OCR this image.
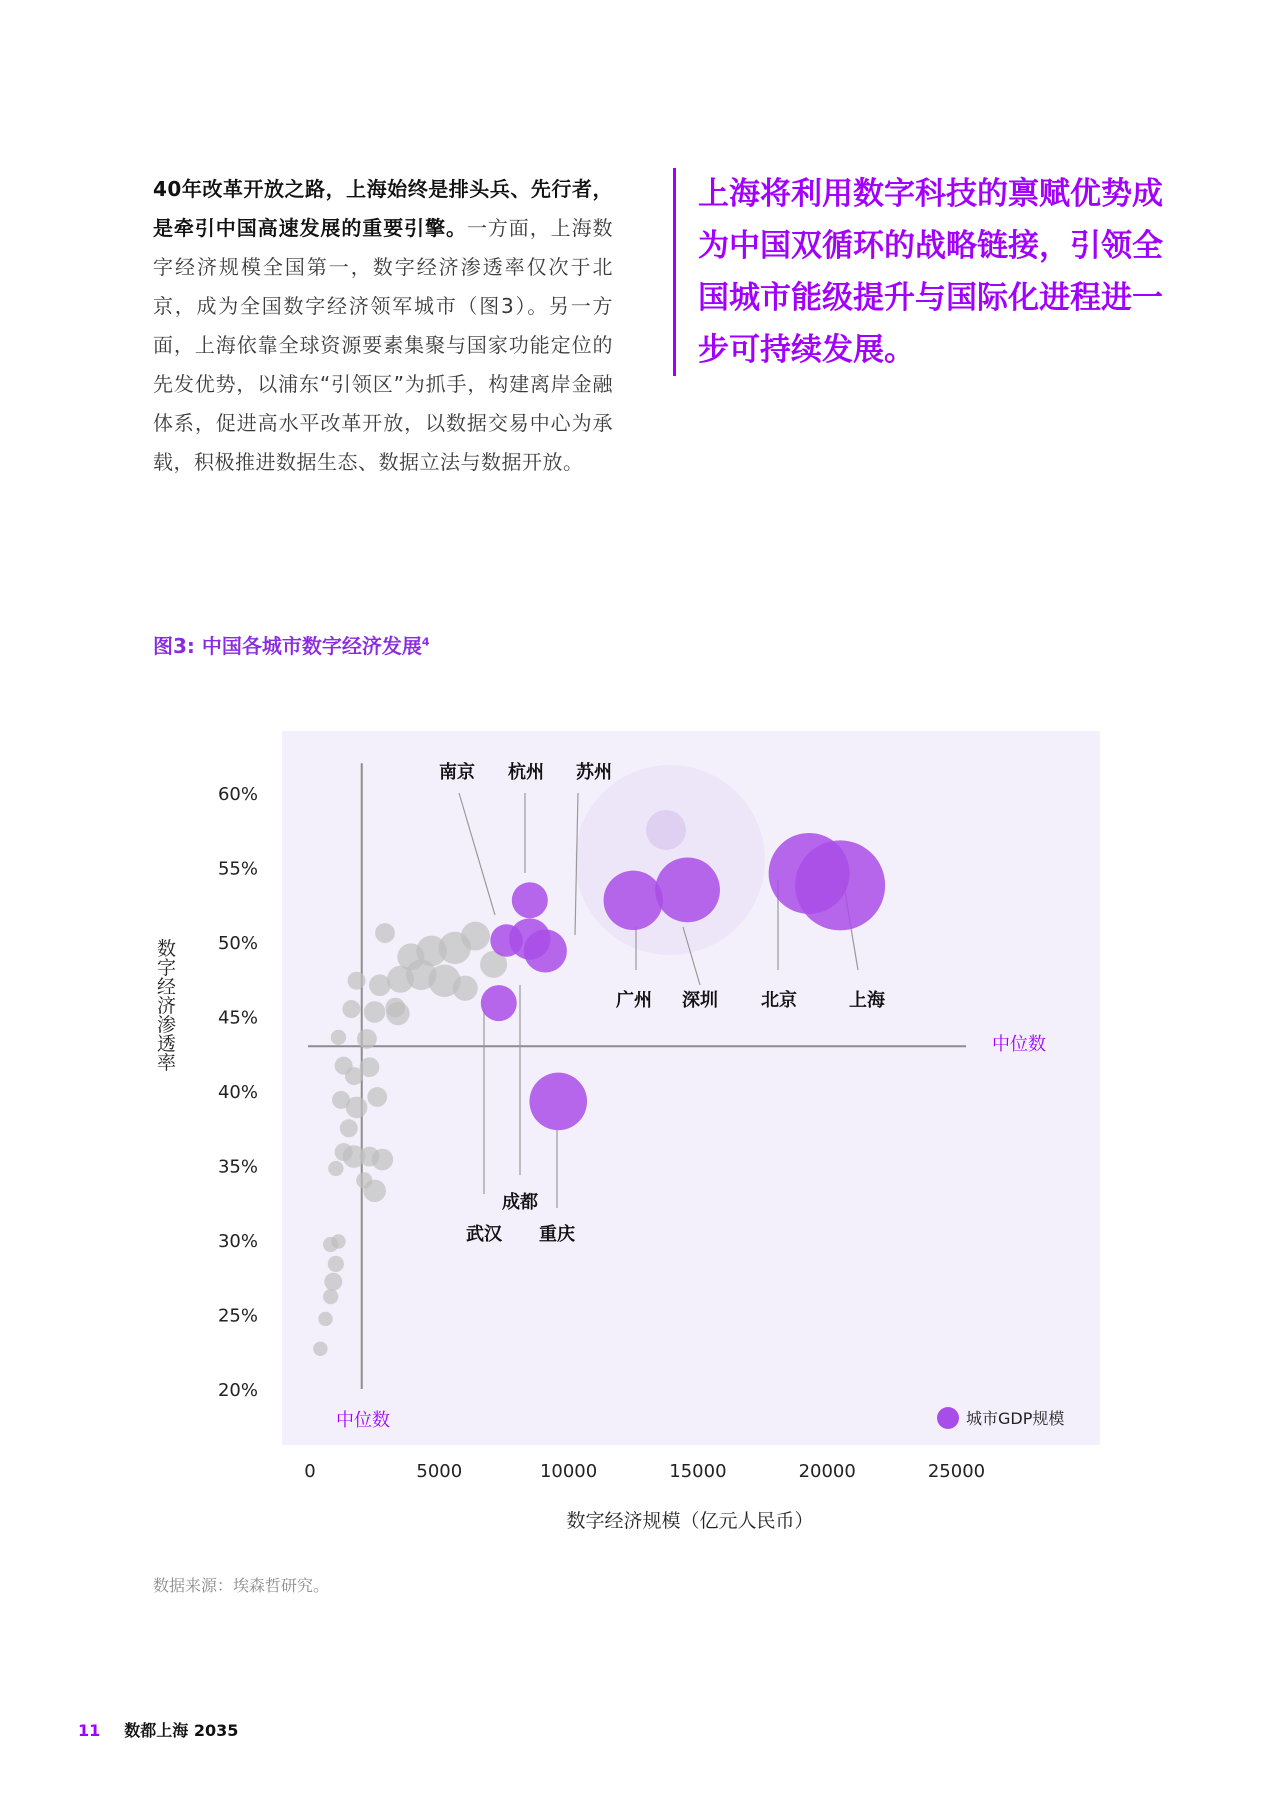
40年改革开放之路，上海始终是排头兵、先行者，是牵引中国高速发展的重要引擎。一方面，上海数字经济规模全国第一，数字经济渗透率仅次于北京，成为全国数字经济领军城市（图3）。另一方面，上海依靠全球资源要素集聚与国家功能定位的先发优势，以浦东“引领区”为抓手，构建离岸金融体系，促进高水平改革开放，以数据交易中心为承载，积极推进数据生态、数据立法与数据开放。
上海将利用数字科技的禀赋优势成为中国双循环的战略链接，引领全国城市能级提升与国际化进程进一步可持续发展。
图3: 中国各城市数字经济发展$^4$
20%
25%
30%
35%
40%
45%
50%
55%
60%
0	5000	10000	15000	20000	25000
数字经济规模（亿元人民币）
数字经济渗透率	中位数
中位数
南京 杭州 苏州
广州 深圳 北京	上海
成都
武汉 重庆
城市GDP规模
数据来源：埃森哲研究。
11 数都上海 2035
